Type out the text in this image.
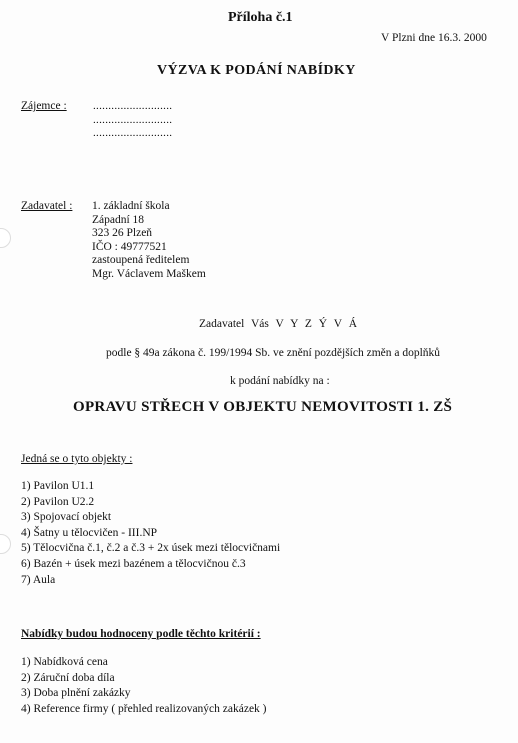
Příloha č.1
V Plzni dne 16.3. 2000
VÝZVA K PODÁNÍ NABÍDKY
Zájemce : ..........................
..........................
..........................
Zadavatel : 1. základní škola
Západní 18
323 26 Plzeň
IČO : 49777521
zastoupená ředitelem
Mgr. Václavem Maškem
Zadavatel Vás V Y Z Ý V Á
podle § 49a zákona č. 199/1994 Sb. ve znění pozdějších změn a doplňků
k podání nabídky na :
OPRAVU STŘECH V OBJEKTU NEMOVITOSTI 1. ZŠ
Jedná se o tyto objekty :
1) Pavilon U1.1
2) Pavilon U2.2
3) Spojovací objekt
4) Šatny u tělocvičen - III.NP
5) Tělocvična č.1, č.2 a č.3 + 2x úsek mezi tělocvičnami
6) Bazén + úsek mezi bazénem a tělocvičnou č.3
7) Aula
Nabídky budou hodnoceny podle těchto kritérií :
1) Nabídková cena
2) Záruční doba díla
3) Doba plnění zakázky
4) Reference firmy ( přehled realizovaných zakázek )
